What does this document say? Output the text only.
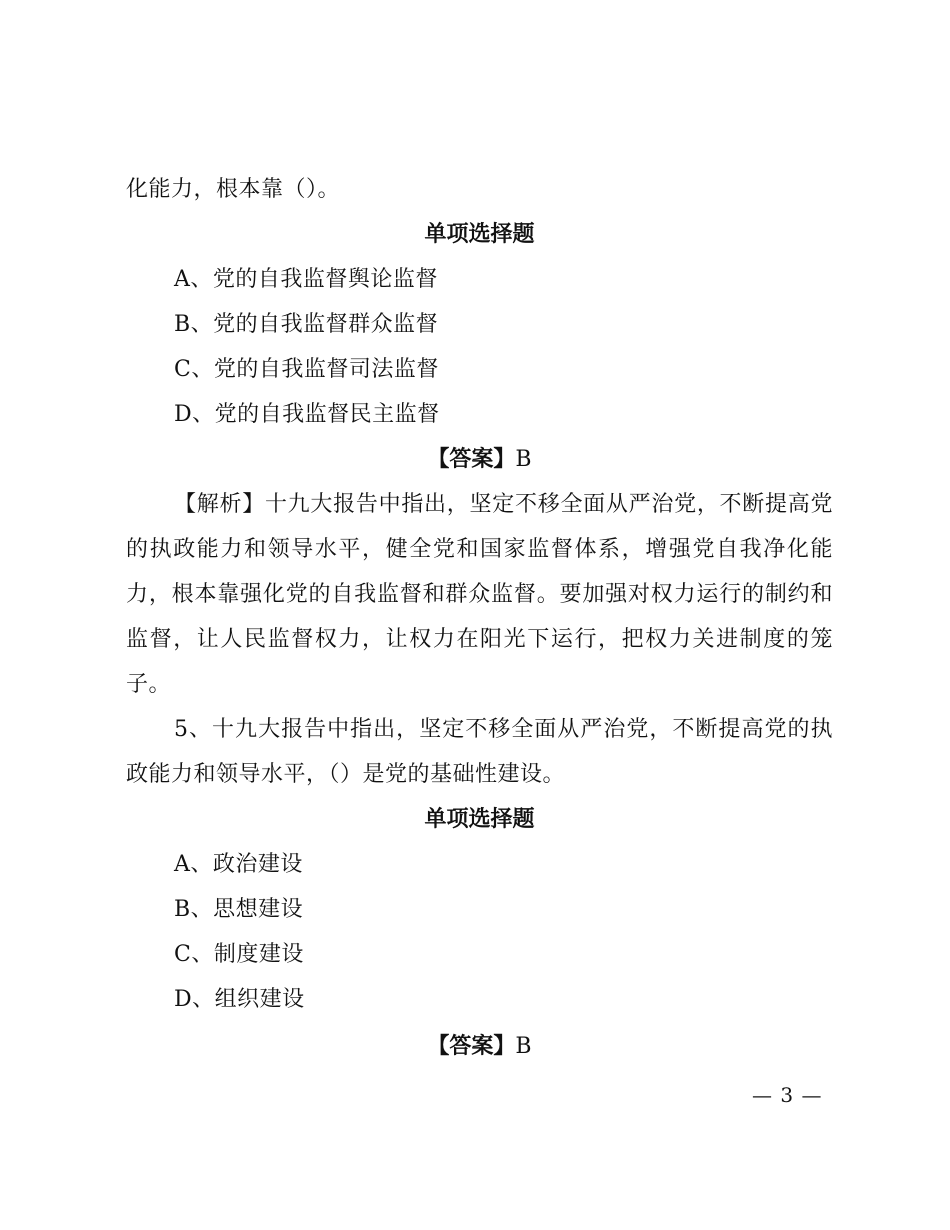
化能力，根本靠（）。
单项选择题
A、党的自我监督舆论监督
B、党的自我监督群众监督
C、党的自我监督司法监督
D、党的自我监督民主监督
【答案】B
【解析】十九大报告中指出，坚定不移全面从严治党，不断提高党的执政能力和领导水平，健全党和国家监督体系，增强党自我净化能力，根本靠强化党的自我监督和群众监督。要加强对权力运行的制约和监督，让人民监督权力，让权力在阳光下运行，把权力关进制度的笼子。
5、十九大报告中指出，坚定不移全面从严治党，不断提高党的执政能力和领导水平，（）是党的基础性建设。
单项选择题
A、政治建设
B、思想建设
C、制度建设
D、组织建设
【答案】B
— 3 —
